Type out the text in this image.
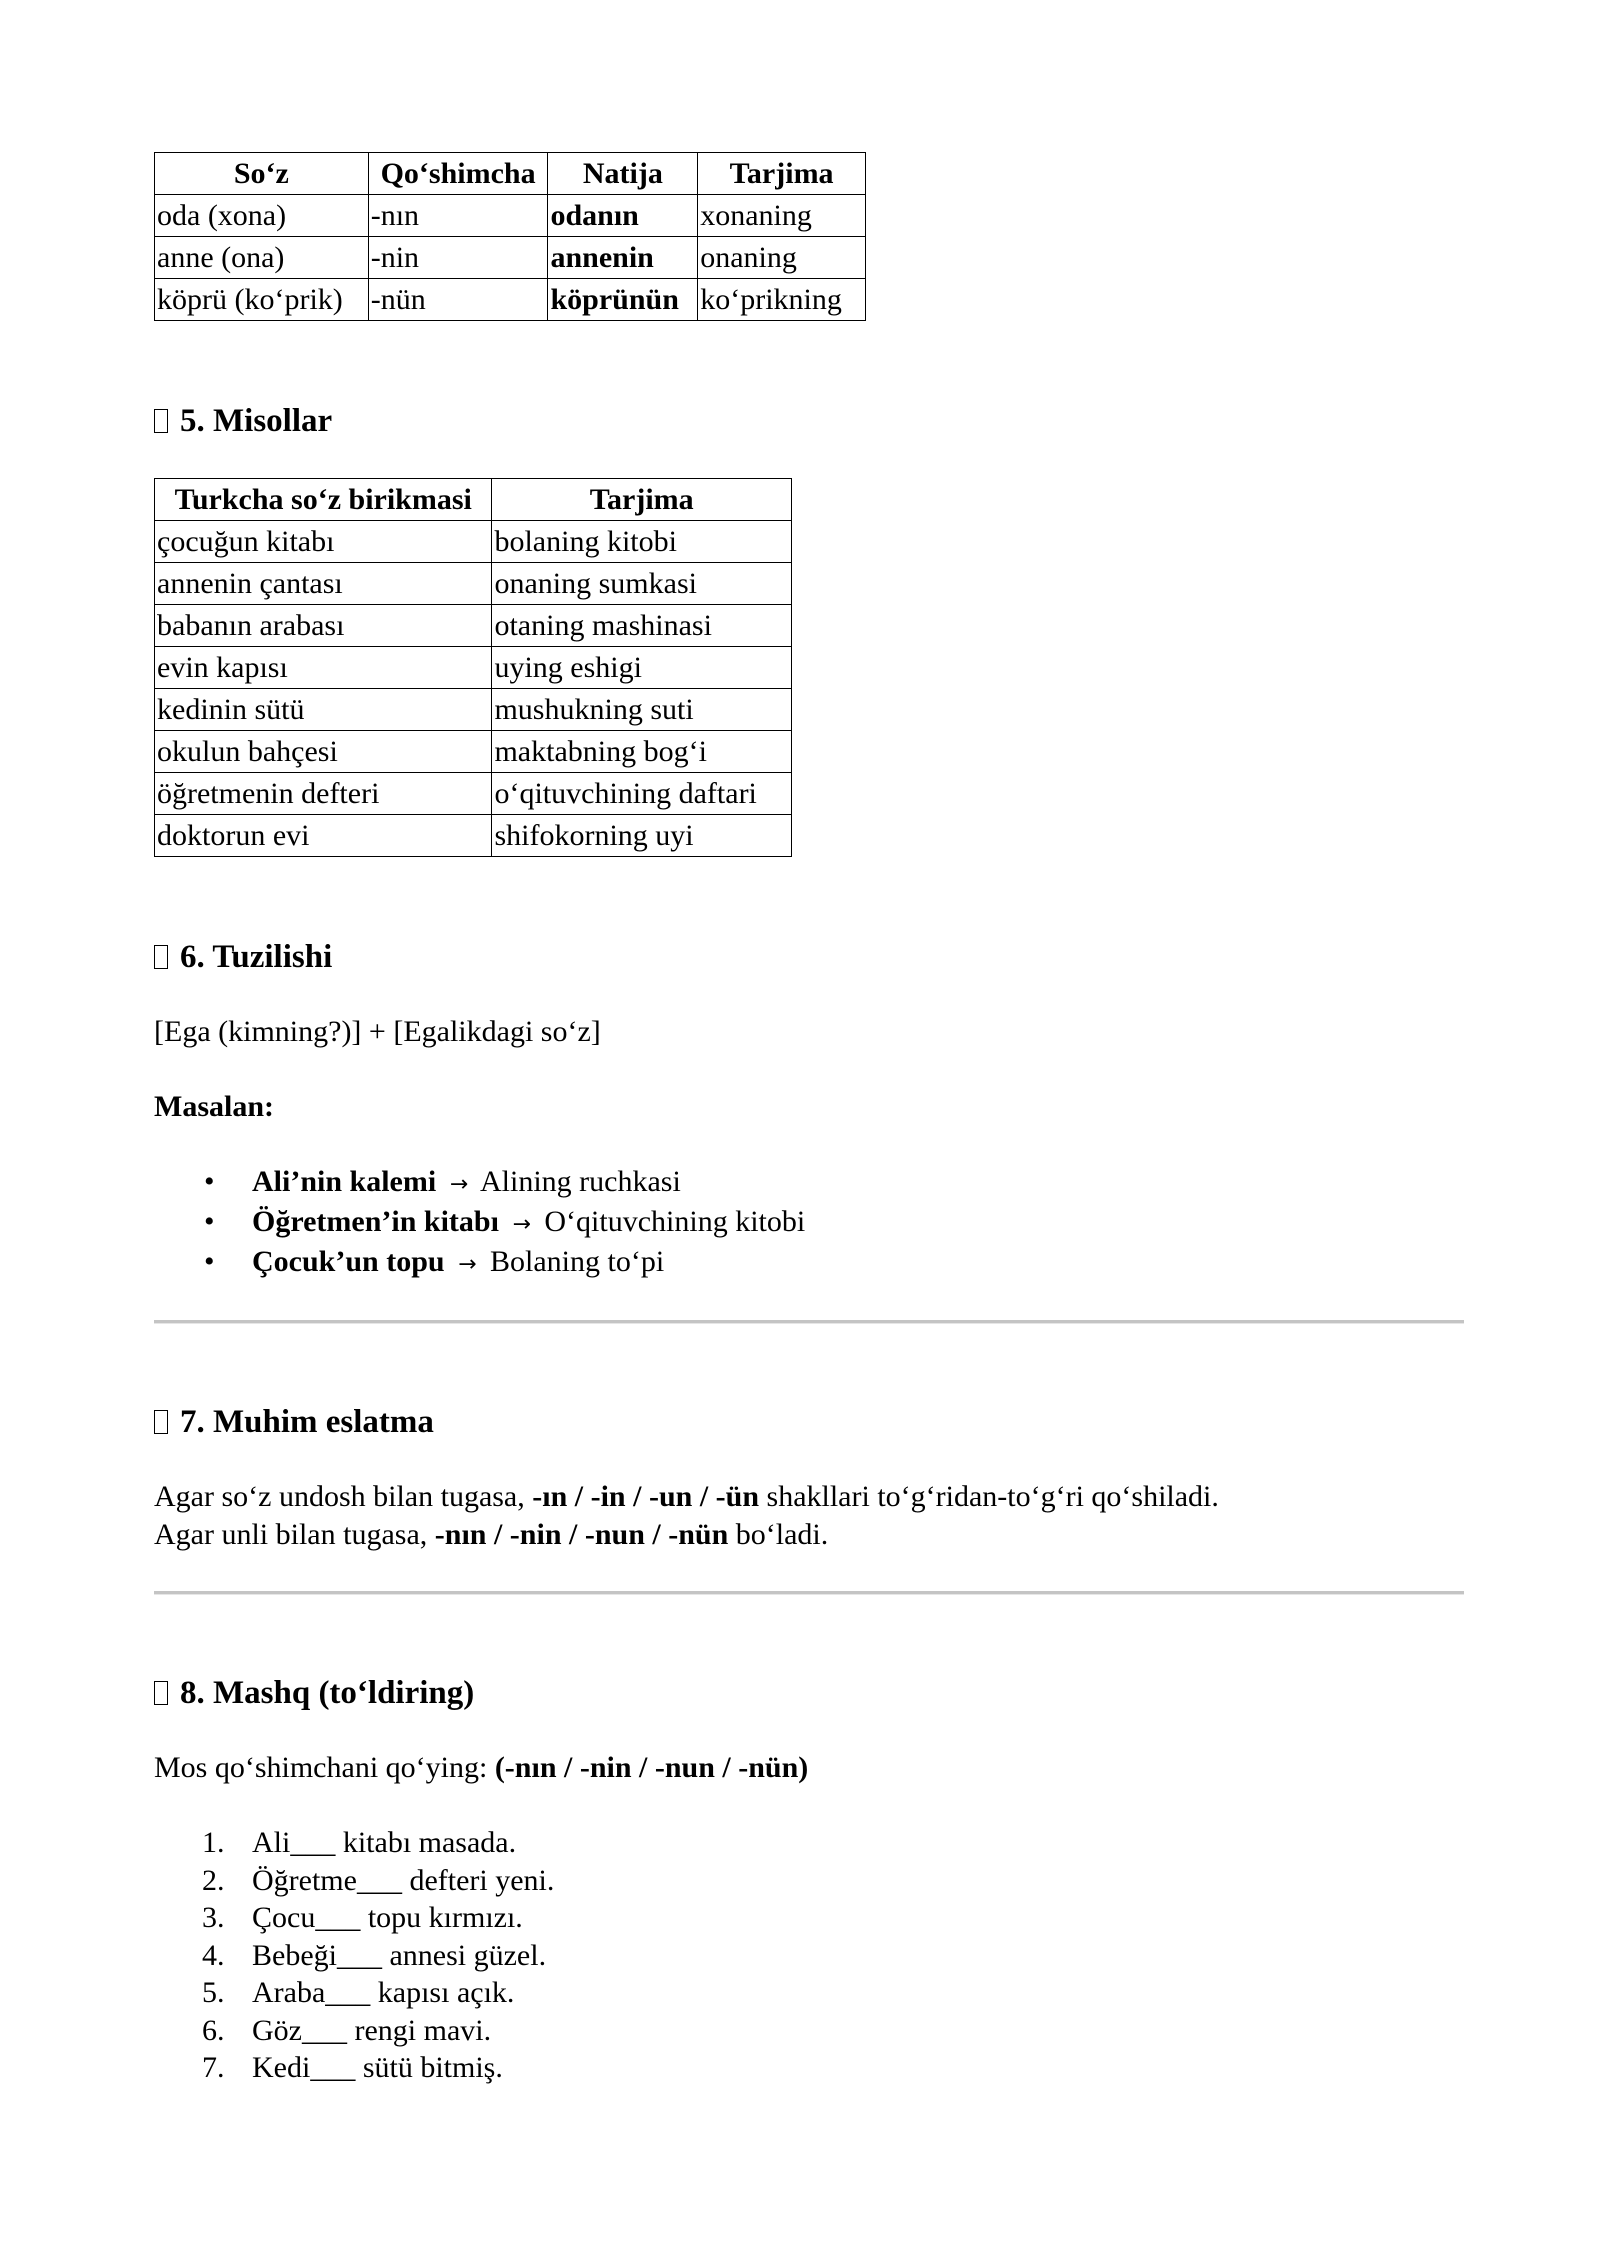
So‘z	Qo‘shimcha	Natija	Tarjima
oda (xona)	-nın	odanın	xonaning
anne (ona)	-nin	annenin	onaning
köprü (ko‘prik)	-nün	köprünün	ko‘prikning
5. Misollar
Turkcha so‘z birikmasi	Tarjima
çocuğun kitabı	bolaning kitobi
annenin çantası	onaning sumkasi
babanın arabası	otaning mashinasi
evin kapısı	uying eshigi
kedinin sütü	mushukning suti
okulun bahçesi	maktabning bog‘i
öğretmenin defteri	o‘qituvchining daftari
doktorun evi	shifokorning uyi
6. Tuzilishi

[Ega (kimning?)] + [Egalikdagi so‘z]

Masalan:

• Ali’nin kalemi → Alining ruchkasi
• Öğretmen’in kitabı → O‘qituvchining kitobi
• Çocuk’un topu → Bolaning to‘pi
7. Muhim eslatma

Agar so‘z undosh bilan tugasa, -ın / -in / -un / -ün shakllari to‘g‘ridan-to‘g‘ri qo‘shiladi.

Agar unli bilan tugasa, -nın / -nin / -nun / -nün bo‘ladi.

8. Mashq (to‘ldiring)

Mos qo‘shimchani qo‘ying: (-nın / -nin / -nun / -nün)

1. Ali___ kitabı masada.
2. Öğretme___ defteri yeni.
3. Çocu___ topu kırmızı.
4. Bebeği___ annesi güzel.
5. Araba___ kapısı açık.
6. Göz___ rengi mavi.
7. Kedi___ sütü bitmiş.
